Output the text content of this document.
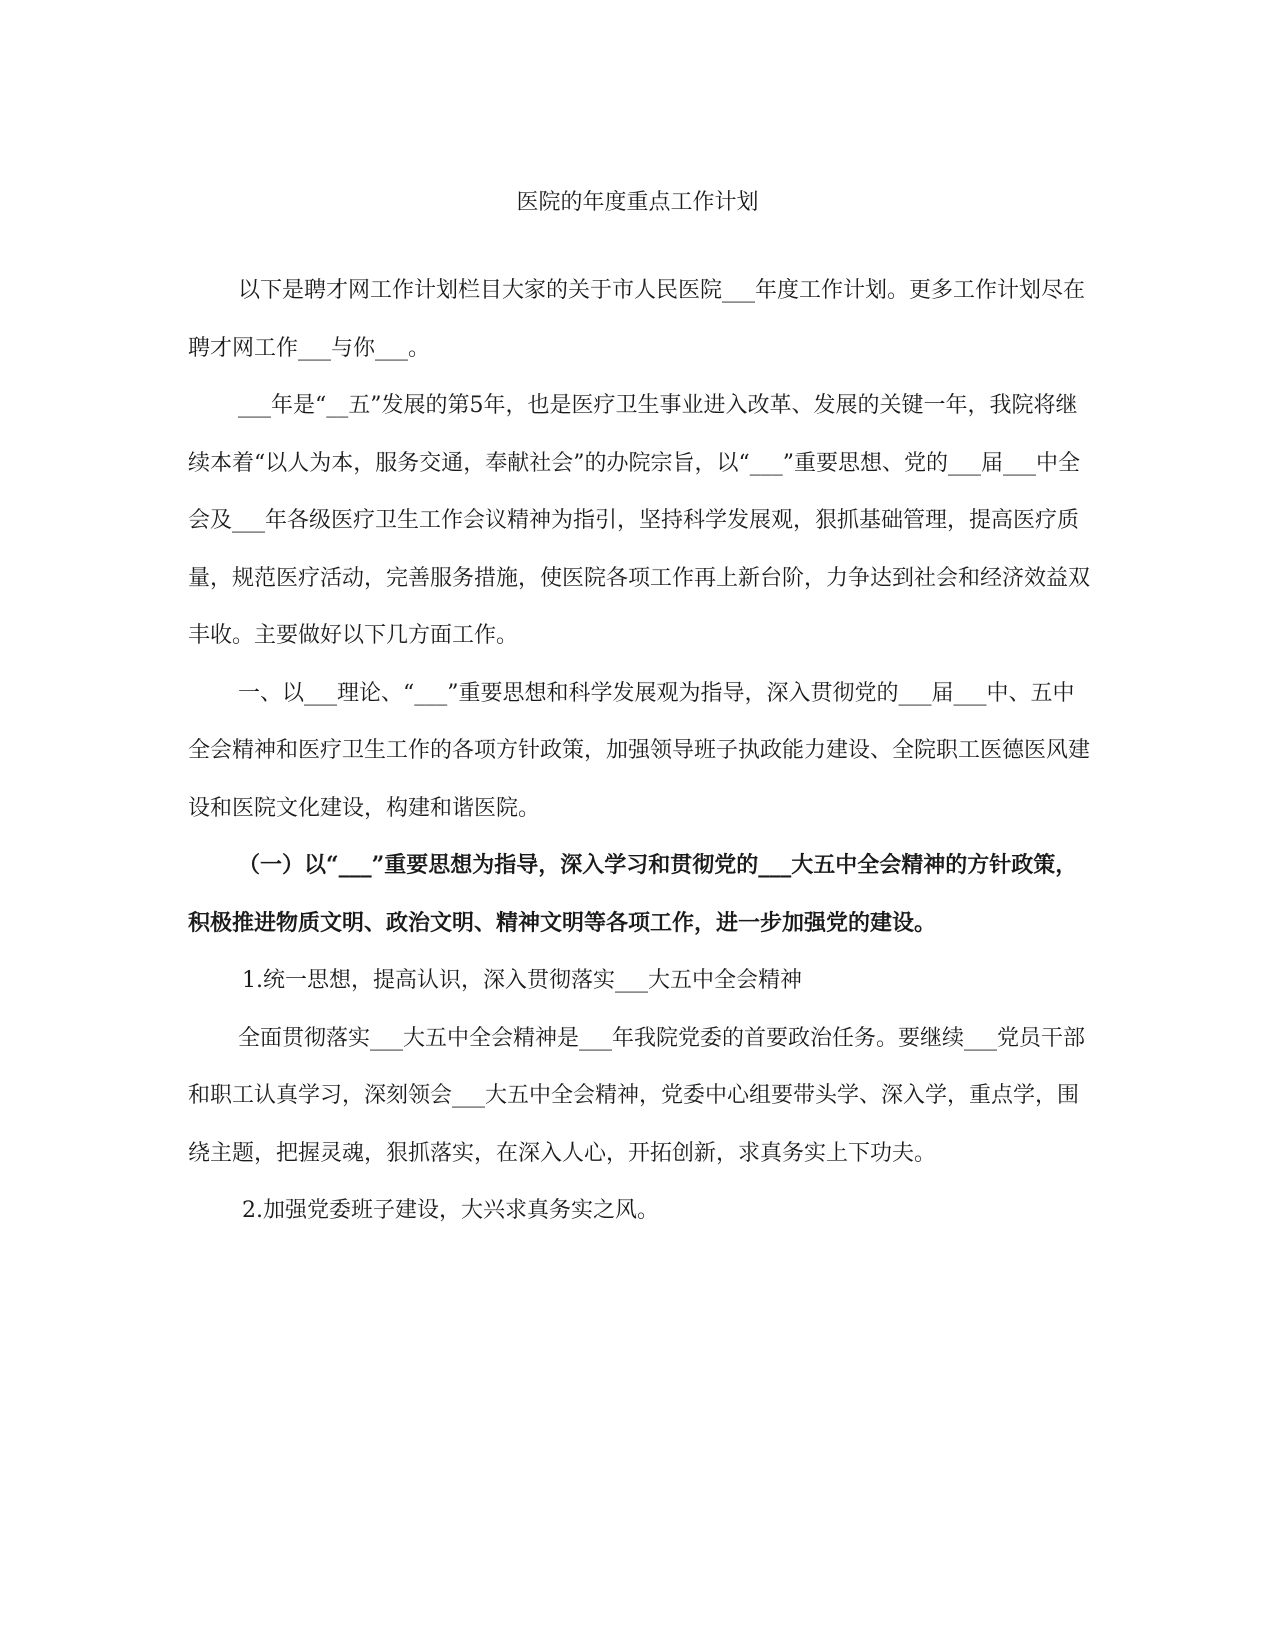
医院的年度重点工作计划

以下是聘才网工作计划栏目大家的关于市人民医院___年度工作计划。更多工作计划尽在聘才网工作___与你___。

___年是“__五”发展的第5年，也是医疗卫生事业进入改革、发展的关键一年，我院将继续本着“以人为本，服务交通，奉献社会”的办院宗旨，以“___”重要思想、党的___届___中全会及___年各级医疗卫生工作会议精神为指引，坚持科学发展观，狠抓基础管理，提高医疗质量，规范医疗活动，完善服务措施，使医院各项工作再上新台阶，力争达到社会和经济效益双丰收。主要做好以下几方面工作。

一、以___理论、“___”重要思想和科学发展观为指导，深入贯彻党的___届___中、五中全会精神和医疗卫生工作的各项方针政策，加强领导班子执政能力建设、全院职工医德医风建设和医院文化建设，构建和谐医院。

（一）以“___”重要思想为指导，深入学习和贯彻党的___大五中全会精神的方针政策，积极推进物质文明、政治文明、精神文明等各项工作，进一步加强党的建设。

1.统一思想，提高认识，深入贯彻落实___大五中全会精神

全面贯彻落实___大五中全会精神是___年我院党委的首要政治任务。要继续___党员干部和职工认真学习，深刻领会___大五中全会精神，党委中心组要带头学、深入学，重点学，围绕主题，把握灵魂，狠抓落实，在深入人心，开拓创新，求真务实上下功夫。

2.加强党委班子建设，大兴求真务实之风。
